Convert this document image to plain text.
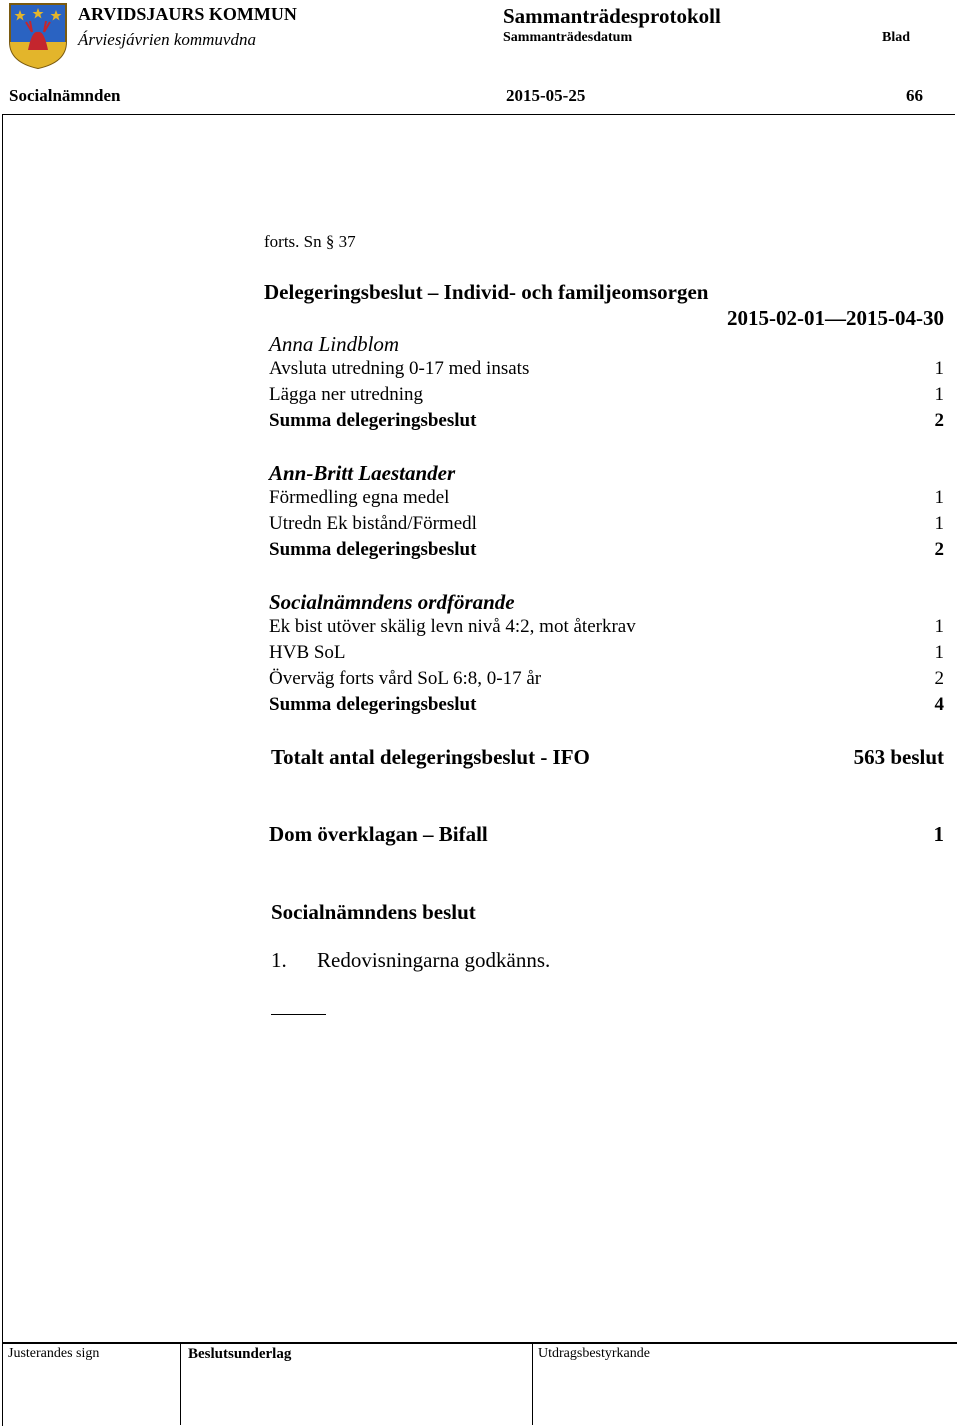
ARVIDSJAURS KOMMUN
Árviesjávrien kommuvdna
Sammanträdesprotokoll
Sammanträdesdatum	Blad
Socialnämnden	2015-05-25	66
forts. Sn § 37
Delegeringsbeslut – Individ- och familjeomsorgen
2015-02-01—2015-04-30
Anna Lindblom
Avsluta utredning 0-17 med insats	1
Lägga ner utredning	1
Summa delegeringsbeslut	2
Ann-Britt Laestander
Förmedling egna medel	1
Utredn Ek bistånd/Förmedl	1
Summa delegeringsbeslut	2
Socialnämndens ordförande
Ek bist utöver skälig levn nivå 4:2, mot återkrav	1
HVB SoL	1
Överväg forts vård SoL 6:8, 0-17 år	2
Summa delegeringsbeslut	4
Totalt antal delegeringsbeslut - IFO	563 beslut
Dom överklagan – Bifall	1
Socialnämndens beslut
1. Redovisningarna godkänns.
Justerandes sign	Beslutsunderlag	Utdragsbestyrkande
